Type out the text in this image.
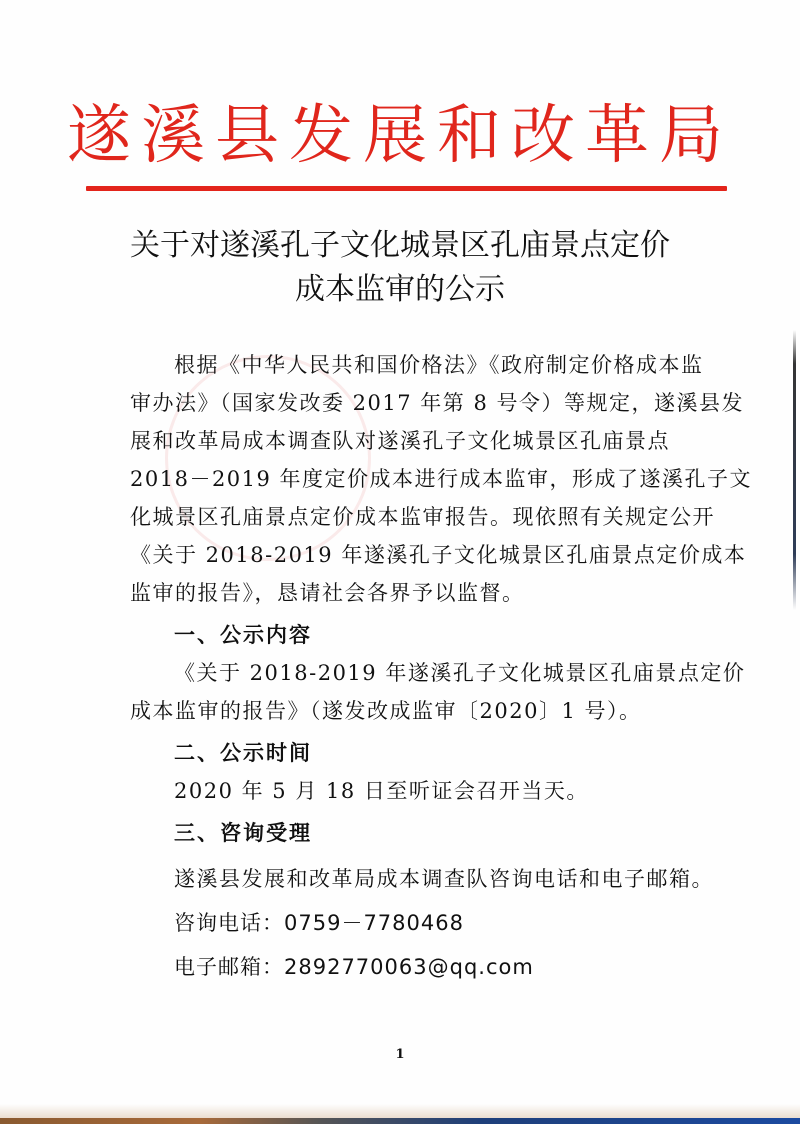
遂溪县发展和改革局
关于对遂溪孔子文化城景区孔庙景点定价
成本监审的公示
根据《中华人民共和国价格法》《政府制定价格成本监
审办法》（国家发改委 2017 年第 8 号令）等规定，遂溪县发
展和改革局成本调查队对遂溪孔子文化城景区孔庙景点
2018－2019 年度定价成本进行成本监审，形成了遂溪孔子文
化城景区孔庙景点定价成本监审报告。现依照有关规定公开
《关于 2018-2019 年遂溪孔子文化城景区孔庙景点定价成本
监审的报告》，恳请社会各界予以监督。
一、公示内容
《关于 2018-2019 年遂溪孔子文化城景区孔庙景点定价
成本监审的报告》（遂发改成监审〔2020〕1 号）。
二、公示时间
2020 年 5 月 18 日至听证会召开当天。
三、咨询受理
遂溪县发展和改革局成本调查队咨询电话和电子邮箱。
咨询电话：0759－7780468
电子邮箱：2892770063@qq.com
1
